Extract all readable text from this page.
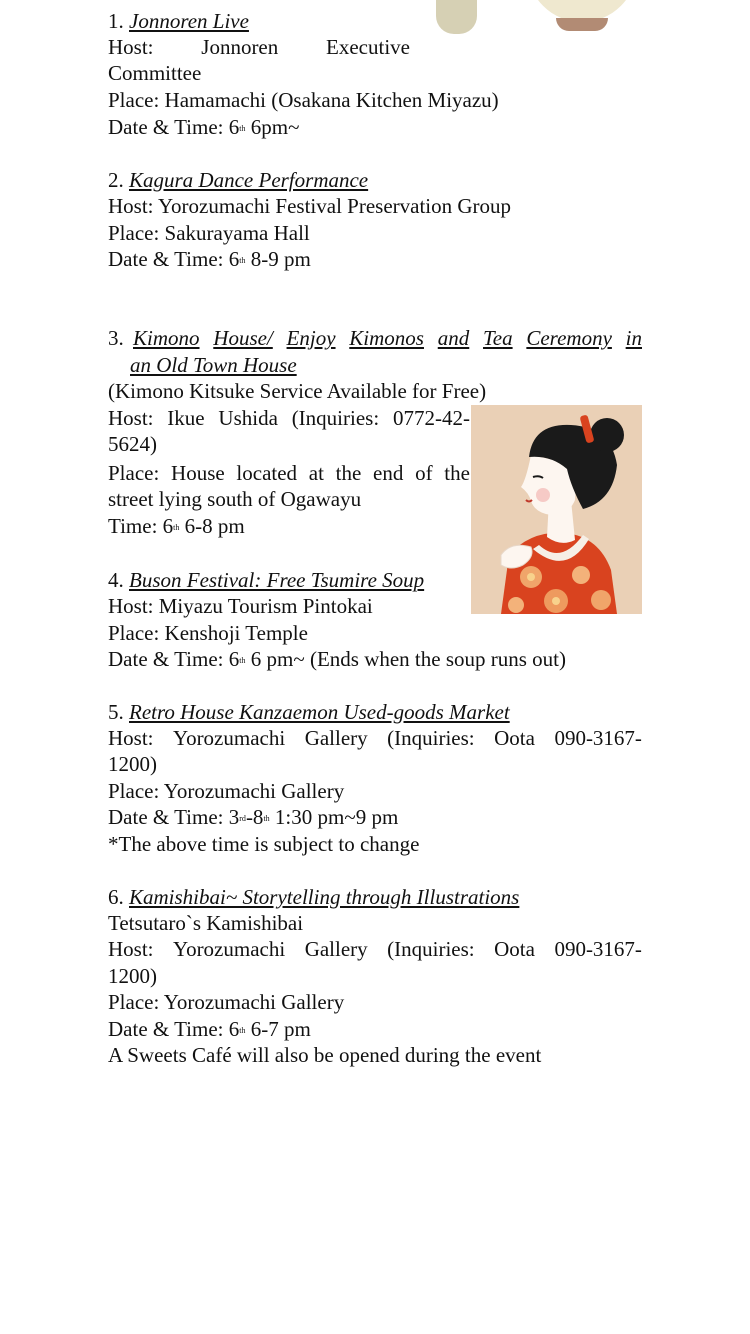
1. Jonnoren Live
Host: Jonnoren Executive
Committee
Place: Hamamachi (Osakana Kitchen Miyazu)
Date & Time: 6th 6pm~
2. Kagura Dance Performance
Host: Yorozumachi Festival Preservation Group
Place: Sakurayama Hall
Date & Time: 6th 8-9 pm
3. Kimono House/ Enjoy Kimonos and Tea Ceremony in
an Old Town House
(Kimono Kitsuke Service Available for Free)
Host: Ikue Ushida (Inquiries: 0772-42-
5624)
Place: House located at the end of the
street lying south of Ogawayu
Time: 6th 6-8 pm
4. Buson Festival: Free Tsumire Soup
Host: Miyazu Tourism Pintokai
Place: Kenshoji Temple
Date & Time: 6th 6 pm~ (Ends when the soup runs out)
5. Retro House Kanzaemon Used-goods Market
Host: Yorozumachi Gallery (Inquiries: Oota 090-3167-
1200)
Place: Yorozumachi Gallery
Date & Time: 3rd-8th 1:30 pm~9 pm
*The above time is subject to change
6. Kamishibai~ Storytelling through Illustrations
Tetsutaro`s Kamishibai
Host: Yorozumachi Gallery (Inquiries: Oota 090-3167-
1200)
Place: Yorozumachi Gallery
Date & Time: 6th 6-7 pm
A Sweets Café will also be opened during the event
